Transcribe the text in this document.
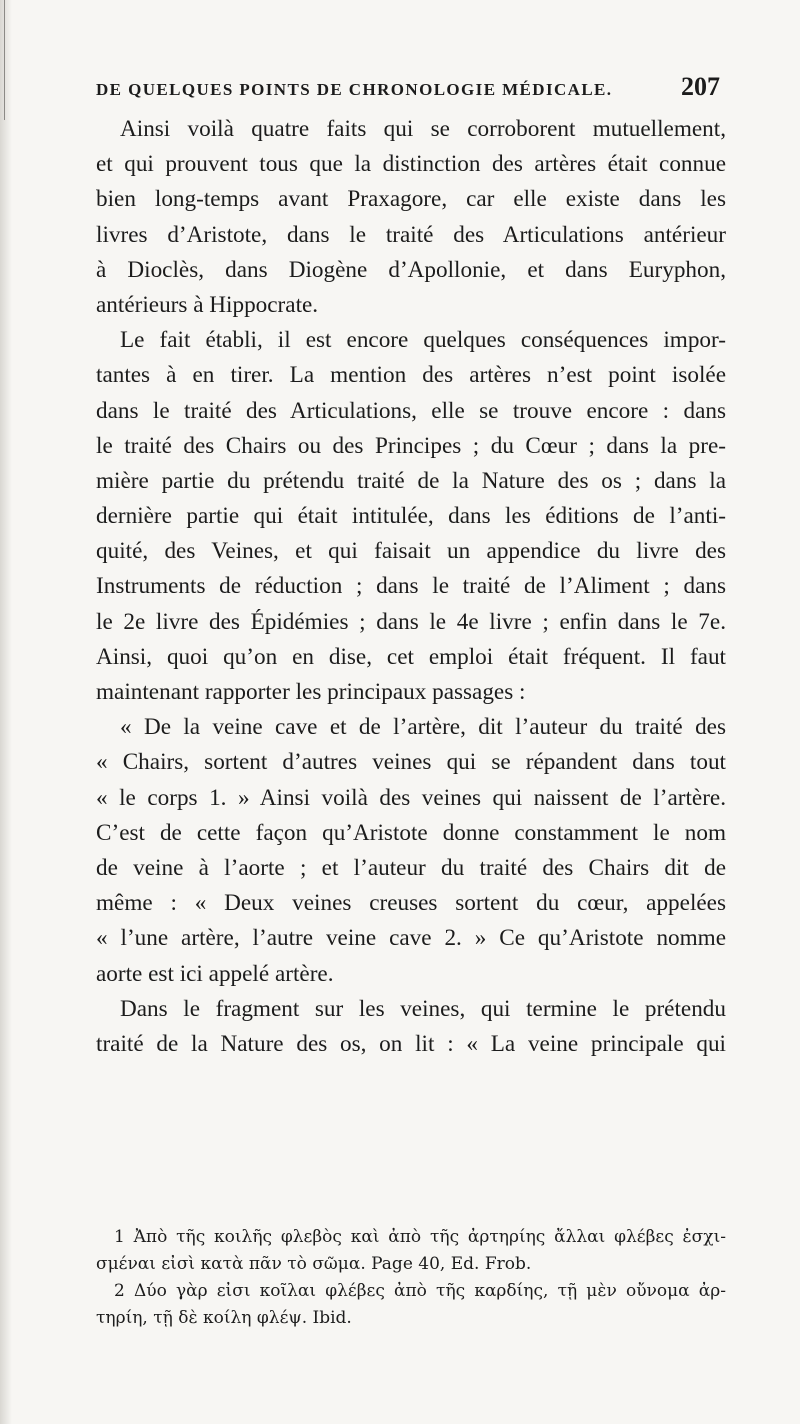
DE QUELQUES POINTS DE CHRONOLOGIE MÉDICALE.	207
Ainsi voilà quatre faits qui se corroborent mutuellement,
et qui prouvent tous que la distinction des artères était connue
bien long-temps avant Praxagore, car elle existe dans les
livres d’Aristote, dans le traité des Articulations antérieur
à Dioclès, dans Diogène d’Apollonie, et dans Euryphon,
antérieurs à Hippocrate.
Le fait établi, il est encore quelques conséquences impor-
tantes à en tirer. La mention des artères n’est point isolée
dans le traité des Articulations, elle se trouve encore : dans
le traité des Chairs ou des Principes ; du Cœur ; dans la pre-
mière partie du prétendu traité de la Nature des os ; dans la
dernière partie qui était intitulée, dans les éditions de l’anti-
quité, des Veines, et qui faisait un appendice du livre des
Instruments de réduction ; dans le traité de l’Aliment ; dans
le 2e livre des Épidémies ; dans le 4e livre ; enfin dans le 7e.
Ainsi, quoi qu’on en dise, cet emploi était fréquent. Il faut
maintenant rapporter les principaux passages :
« De la veine cave et de l’artère, dit l’auteur du traité des
« Chairs, sortent d’autres veines qui se répandent dans tout
« le corps 1. » Ainsi voilà des veines qui naissent de l’artère.
C’est de cette façon qu’Aristote donne constamment le nom
de veine à l’aorte ; et l’auteur du traité des Chairs dit de
même : « Deux veines creuses sortent du cœur, appelées
« l’une artère, l’autre veine cave 2. » Ce qu’Aristote nomme
aorte est ici appelé artère.
Dans le fragment sur les veines, qui termine le prétendu
traité de la Nature des os, on lit : « La veine principale qui
1 Ἀπὸ τῆς κοιλῆς φλεβὸς καὶ ἀπὸ τῆς ἀρτηρίης ἄλλαι φλέβες ἐσχι-
σμέναι εἰσὶ κατὰ πᾶν τὸ σῶμα. Page 40, Ed. Frob.
2 Δύο γὰρ εἰσι κοῖλαι φλέβες ἀπὸ τῆς καρδίης, τῇ μὲν οὔνομα ἀρ-
τηρίη, τῇ δὲ κοίλη φλέψ. Ibid.
